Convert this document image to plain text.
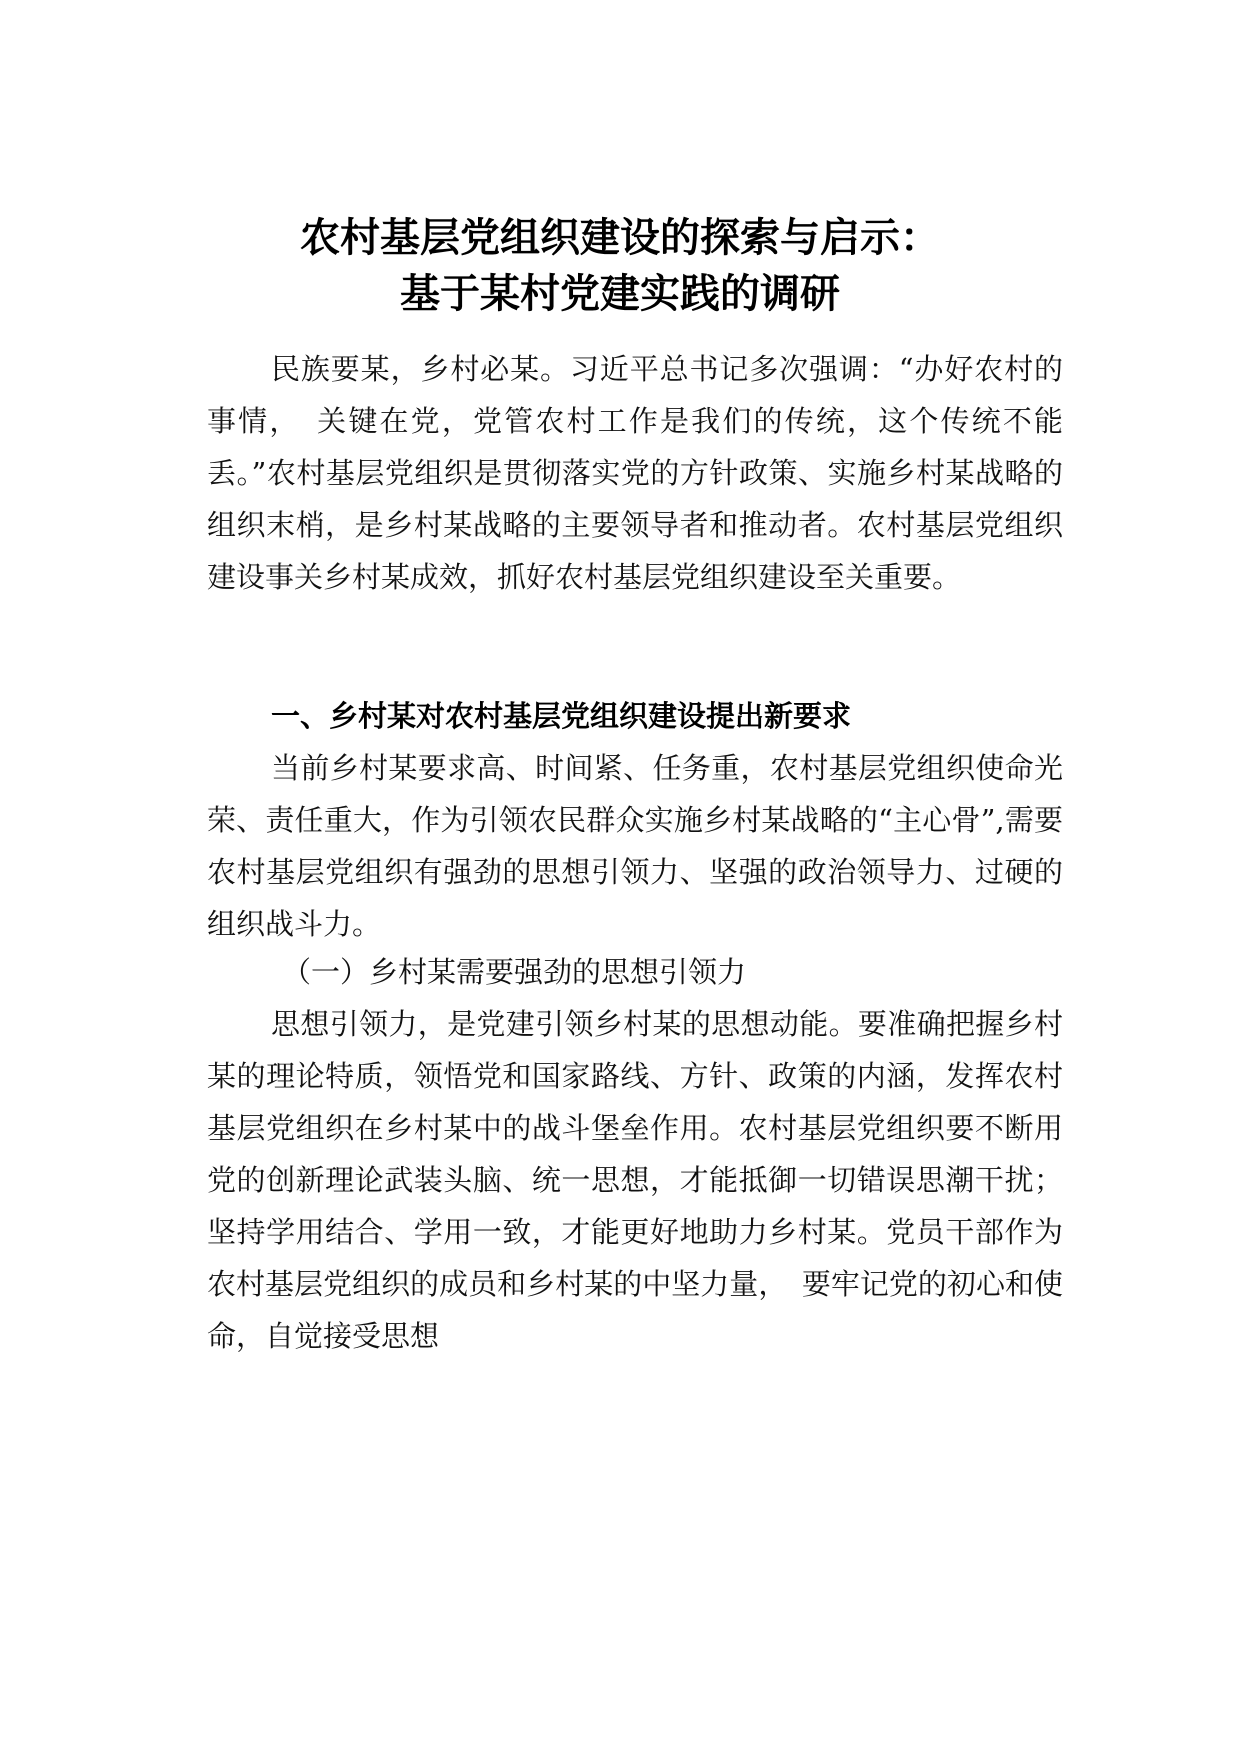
农村基层党组织建设的探索与启示：
基于某村党建实践的调研

民族要某，乡村必某。习近平总书记多次强调：“办好农村的事情，　关键在党，党管农村工作是我们的传统，这个传统不能丢。”农村基层党组织是贯彻落实党的方针政策、实施乡村某战略的组织末梢，是乡村某战略的主要领导者和推动者。农村基层党组织建设事关乡村某成效，抓好农村基层党组织建设至关重要。

一、乡村某对农村基层党组织建设提出新要求

当前乡村某要求高、时间紧、任务重，农村基层党组织使命光荣、责任重大，作为引领农民群众实施乡村某战略的“主心骨”,需要农村基层党组织有强劲的思想引领力、坚强的政治领导力、过硬的组织战斗力。

（一）乡村某需要强劲的思想引领力

思想引领力，是党建引领乡村某的思想动能。要准确把握乡村某的理论特质，领悟党和国家路线、方针、政策的内涵，发挥农村基层党组织在乡村某中的战斗堡垒作用。农村基层党组织要不断用党的创新理论武装头脑、统一思想，才能抵御一切错误思潮干扰；坚持学用结合、学用一致，才能更好地助力乡村某。党员干部作为农村基层党组织的成员和乡村某的中坚力量，　要牢记党的初心和使命，自觉接受思想
